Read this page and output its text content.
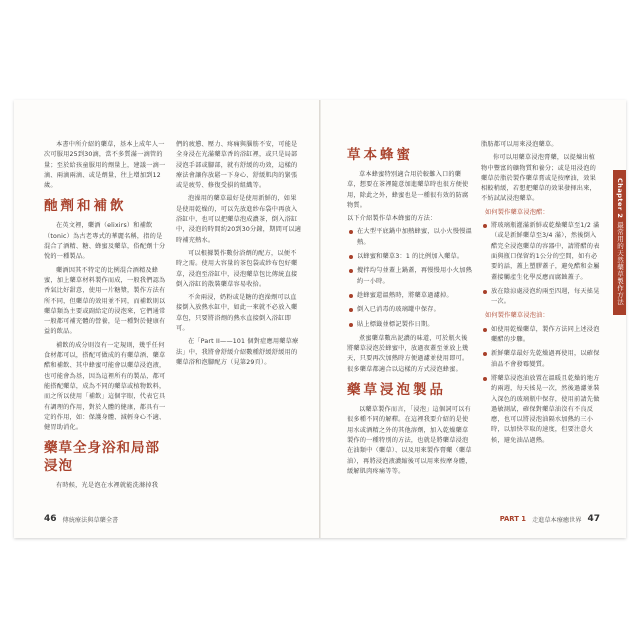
本書中所介紹的藥草，基本上成年人一次可服用25到30滴，當不多質滿一滴管的量；至於給孩童服用的劑量上，建議一滴一滴、兩滴兩滴、或是劑量，往上增加到12歲。

酏劑和補飲

在英文裡，藥酒（elixirs）和補飲（tonic）為古老專式的華麗名稱，指的是混合了酒精、糖、蜂蜜及藥草，俗配劑十分悅的一種製品。

藥酒因其不特定的比例混合酒精及蜂蜜，加上藥草材料製作而成，一般我們認為香氣比好甜意，使用一片糖漿，製作方法有所不同，但藥草的效用並不同，而補飲則以藥草類為主要或副給定的浸泡來，它們通常一般都可補充體的營養，是一種對於健康有益的飲品。

補飲的成分則沒有一定規則，幾乎任何食材都可以，搭配可做成的有藥草酒、藥草醋和補飲、其中蜂蜜可能會以藥草浸泡液，也可能會為基，因為這裡所有的製品，都可能搭配藥草，成為不同的藥草或植物飲料，而之所以使用「補飲」這個字眼，代表它具有調理的作用，對於人體的健康，都具有一定的作用，如：保護身體、減輕身心不適、健胃助消化。

藥草全身浴和局部浸泡

有時候，光是泡在水裡就能洗滌掉我

們的疲憊、壓力、疼痛與腦筋不安，可能是全身浸在光滿藥草香的浴缸裡，或只是局部浸泡手部或腳部，就有舒緩的功效，這樣的療法會讓你放鬆一下身心、舒緩肌肉的緊張或是疲勞、修復受損的組織等。

泡澡用的藥草最好是使用新鮮的，如果是使用乾燥的，可以先放進紗布袋中再放入浴缸中，也可以把藥草泡成濃茶，倒入浴缸中，浸泡的時間約20到30分鐘，期間可以適時補充熱水。

可以根據製作數份浴劑的配方，以便不時之需。使用大容量的茶包袋或紗布包好藥草，浸泡至浴缸中，浸泡藥草包比傳統直接倒入浴缸的散裝藥草容易收拾。

不舍兩浸，奶粉或是糖的泡澡劑可以直接倒入放熱水缸中，如此一來就不必放入藥草包，只要將浴劑的熱水直接倒入浴缸即可。

在「Part II——101 個對症應用藥草療法」中，我將會舒緩介紹數種舒緩舒緩用的藥草浴和泡腳配方（見第29頁）。

46 傳統療法與草藥全書
草本蜂蜜

草本蜂蜜特別適合用於較難入口的藥草，想要在茶裡隨意加進藥草時也很方便使用，除此之外，蜂蜜也是一種很有效的防腐物質。

以下介紹製作草本蜂蜜的方法：

在大型平底鍋中加熱蜂蜜，以小火慢慢溫熱。
以蜂蜜和藥草3：1 的比例加入藥草。
攪拌均勻並蓋上鍋蓋，再慢慢用小火加熱約一小時。
趁蜂蜜還溫熱時，將藥草過濾掉。
倒入已消毒的玻璃罐中保存。
貼上標籤並標記製作日期。

煮蜜藥草數出泥濃的味道，可於瓶火後將藥草浸泡於蜂蜜中，放過夜蓋至並放上幾天，只要再次加熱時方便過濾並使用即可。很多藥草都適合以這樣的方式浸泡蜂蜜。

藥草浸泡製品

以藥草製作而言，「浸泡」這個詞可以有很多種不同的解釋。在這裡我要介紹的是使用水或酒精之外的其他溶劑，加入乾燥藥草製作的一種特別的方法，也就是將藥草浸泡在油類中（藥草）、以及用來製作膏藥（藥草油），再將浸泡液濃縮後可以用來按摩身體，緩解肌肉疼痛等等。

脂肪都可以用來浸泡藥草。

你可以用藥草浸泡膏藥，以提煉出植物中豐富的礦物質和養分；或是用浸泡的藥草於脂於製作藥草膏或是按摩油，效果相較稍緩，若想把藥草的效果發揮出來，不妨試試浸泡藥草。

如何製作藥草浸泡醋：
將玻璃瓶灌滿新鮮或乾燥藥草至1/2 滿（或是新鮮藥草至3/4 滿），然後倒入醋完全浸泡藥草的容器中，請將醋的表面與瓶口保留約1公分的空間，如有必要的話，蓋上塑膠蓋子，避免醋和金屬蓋接觸產生化學反應而腐蝕蓋子。
放在陰涼處浸泡約兩至四週，每天搖晃一次。
如何製作藥草浸泡油：
如使用乾燥藥草，製作方法同上述浸泡藥醋的步驟。
新鮮藥草最好先乾燥過再使用，以確保油品不會發霉變質。
將藥草浸泡油放置在溫暖且乾燥的地方約兩週，每天搖晃一次，然後過濾並裝入深色的玻璃瓶中保存，使用前請先做過敏測試，確保對藥草油沒有不良反應，也可以將浸泡油隔水加熱約三小時，以加快萃取的速度，但要注意火候，避免油品過熱。
Chapter 2 最常用的天然藥草製作方法
PART 1 走進草本療癒世界 47
